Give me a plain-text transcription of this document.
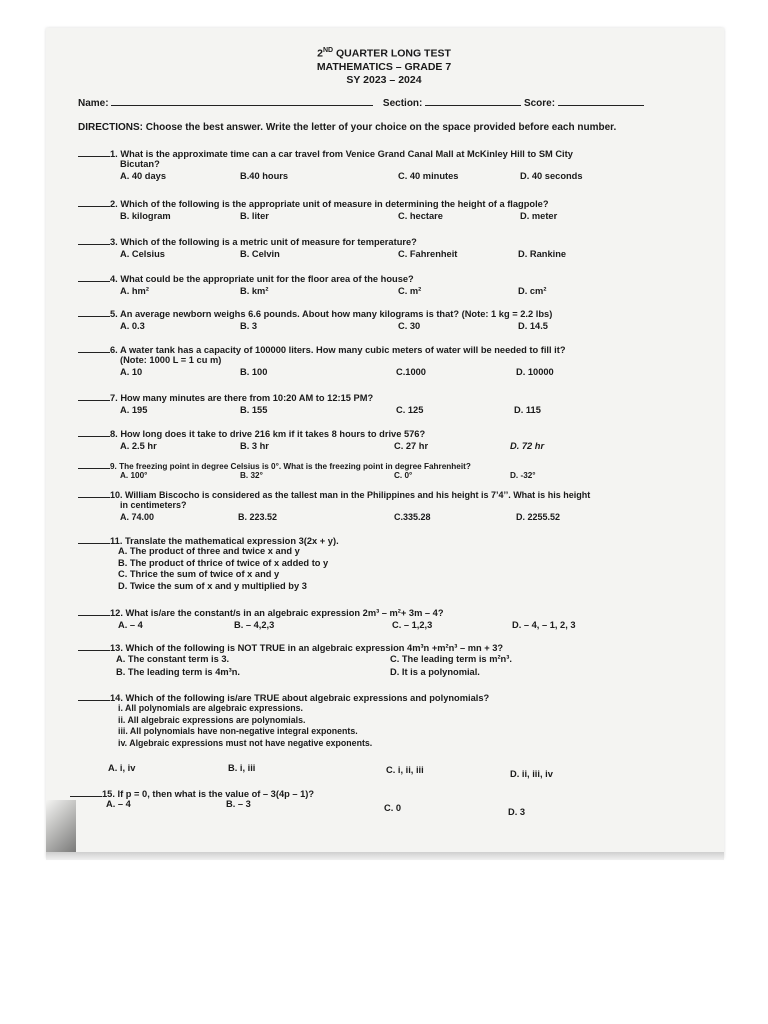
2ND QUARTER LONG TEST
MATHEMATICS – GRADE 7
SY 2023 – 2024
Name:	Section:	Score:
DIRECTIONS: Choose the best answer. Write the letter of your choice on the space provided before each number.
1. What is the approximate time can a car travel from Venice Grand Canal Mall at McKinley Hill to SM City
Bicutan?
A. 40 days	B.40 hours	C. 40 minutes	D. 40 seconds
2. Which of the following is the appropriate unit of measure in determining the height of a flagpole?
B. kilogram	B. liter	C. hectare	D. meter
3. Which of the following is a metric unit of measure for temperature?
A. Celsius	B. Celvin	C. Fahrenheit	D. Rankine
4. What could be the appropriate unit for the floor area of the house?
A. hm²	B. km²	C. m²	D. cm²
5. An average newborn weighs 6.6 pounds. About how many kilograms is that? (Note: 1 kg = 2.2 lbs)
A. 0.3	B. 3	C. 30	D. 14.5
6. A water tank has a capacity of 100000 liters. How many cubic meters of water will be needed to fill it?
(Note: 1000 L = 1 cu m)
A. 10	B. 100	C.1000	D. 10000
7. How many minutes are there from 10:20 AM to 12:15 PM?
A. 195	B. 155	C. 125	D. 115
8. How long does it take to drive 216 km if it takes 8 hours to drive 576?
A. 2.5 hr	B. 3 hr	C. 27 hr	D. 72 hr
9. The freezing point in degree Celsius is 0°. What is the freezing point in degree Fahrenheit?
A. 100°	B. 32°	C. 0°	D. -32°
10. William Biscocho is considered as the tallest man in the Philippines and his height is 7’4’’. What is his height
in centimeters?
A. 74.00	B. 223.52	C.335.28	D. 2255.52
11. Translate the mathematical expression 3(2x + y).
A. The product of three and twice x and y
B. The product of thrice of twice of x added to y
C. Thrice the sum of twice of x and y
D. Twice the sum of x and y multiplied by 3
12. What is/are the constant/s in an algebraic expression 2m³ – m²+ 3m – 4?
A. – 4	B. – 4,2,3	C. – 1,2,3	D. – 4, – 1, 2, 3
13. Which of the following is NOT TRUE in an algebraic expression 4m³n +m²n³ – mn + 3?
A. The constant term is 3.	C. The leading term is m²n³.
B. The leading term is 4m³n.	D. It is a polynomial.
14. Which of the following is/are TRUE about algebraic expressions and polynomials?
i. All polynomials are algebraic expressions.
ii. All algebraic expressions are polynomials.
iii. All polynomials have non-negative integral exponents.
iv. Algebraic expressions must not have negative exponents.
A. i, iv	B. i, iii	C. i, ii, iii	D. ii, iii, iv
15. If p = 0, then what is the value of – 3(4p – 1)?
A. – 4	B. – 3	C. 0	D. 3
